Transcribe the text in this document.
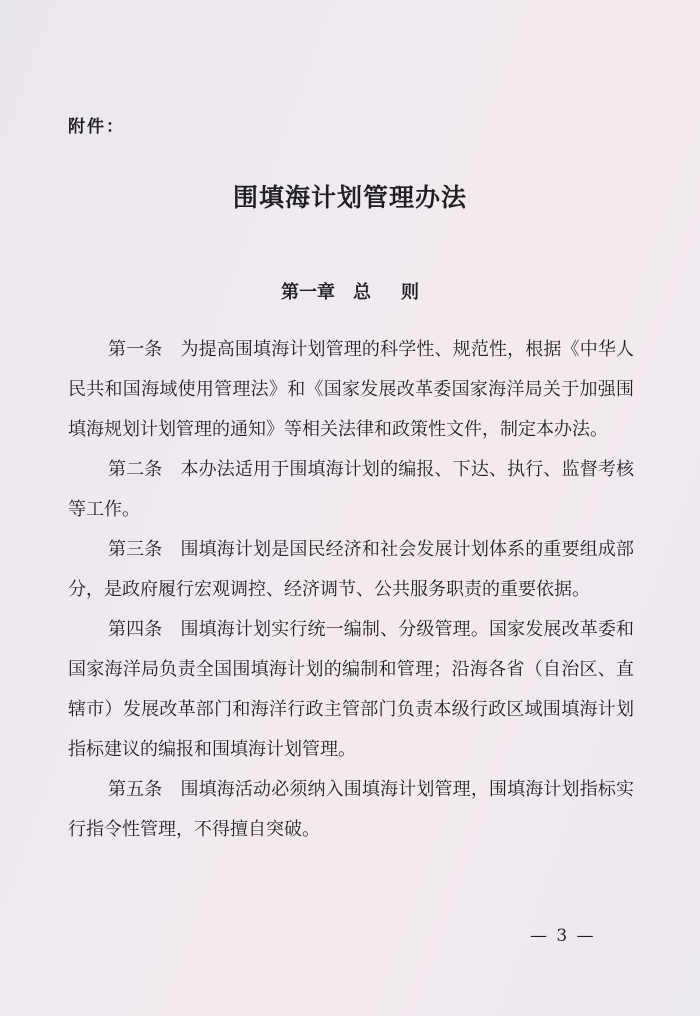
附件：
围填海计划管理办法
第一章 总 则

第一条 为提高围填海计划管理的科学性、规范性，根据《中华人民共和国海域使用管理法》和《国家发展改革委国家海洋局关于加强围填海规划计划管理的通知》等相关法律和政策性文件，制定本办法。

第二条 本办法适用于围填海计划的编报、下达、执行、监督考核等工作。

第三条 围填海计划是国民经济和社会发展计划体系的重要组成部分，是政府履行宏观调控、经济调节、公共服务职责的重要依据。

第四条 围填海计划实行统一编制、分级管理。国家发展改革委和国家海洋局负责全国围填海计划的编制和管理；沿海各省（自治区、直辖市）发展改革部门和海洋行政主管部门负责本级行政区域围填海计划指标建议的编报和围填海计划管理。

第五条 围填海活动必须纳入围填海计划管理，围填海计划指标实行指令性管理，不得擅自突破。

— 3 —
